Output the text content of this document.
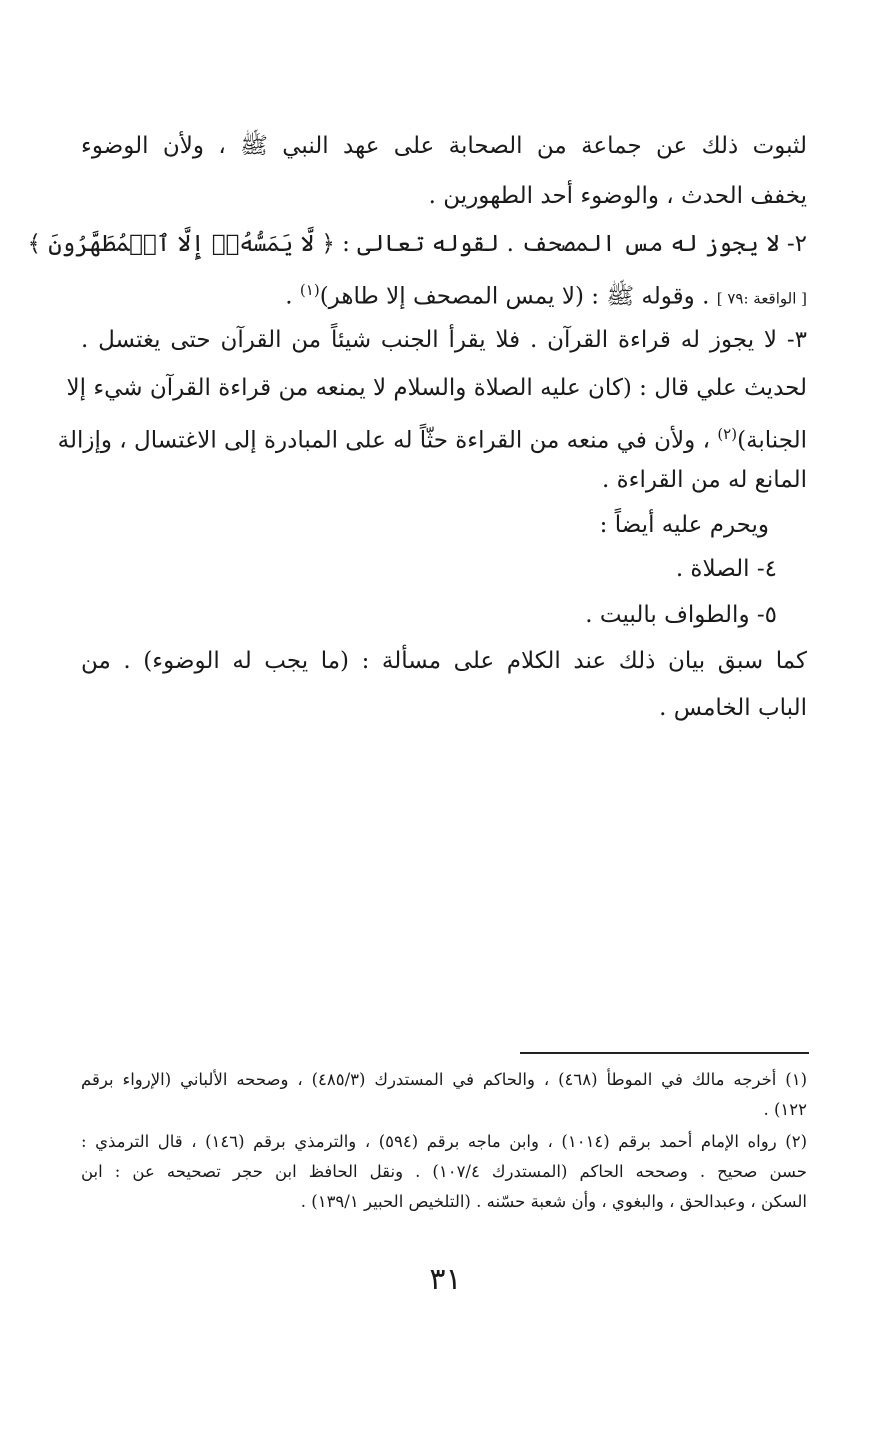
لثبوت ذلك عن جماعة من الصحابة على عهد النبي ﷺ ، ولأن الوضوء
يخفف الحدث ، والوضوء أحد الطهورين .
٢- لا يجوز له مس المصحف . لقوله تعالى : ﴿ لَّا يَمَسُّهُۥٓ إِلَّا ٱلۡمُطَهَّرُونَ ﴾
[ الواقعة :٧٩ ] . وقوله ﷺ : (لا يمس المصحف إلا طاهر)$^{(١)}$ .
٣- لا يجوز له قراءة القرآن . فلا يقرأ الجنب شيئاً من القرآن حتى يغتسل .
لحديث علي قال : (كان عليه الصلاة والسلام لا يمنعه من قراءة القرآن شيء إلا
الجنابة)$^{(٢)}$ ، ولأن في منعه من القراءة حثّاً له على المبادرة إلى الاغتسال ، وإزالة
المانع له من القراءة .
ويحرم عليه أيضاً :
٤- الصلاة .
٥- والطواف بالبيت .
كما سبق بيان ذلك عند الكلام على مسألة : (ما يجب له الوضوء) . من
الباب الخامس .
(١) أخرجه مالك في الموطأ (٤٦٨) ، والحاكم في المستدرك (٤٨٥/٣) ، وصححه الألباني (الإرواء برقم
١٢٢) .
(٢) رواه الإمام أحمد برقم (١٠١٤) ، وابن ماجه برقم (٥٩٤) ، والترمذي برقم (١٤٦) ، قال الترمذي :
حسن صحيح . وصححه الحاكم (المستدرك ١٠٧/٤) . ونقل الحافظ ابن حجر تصحيحه عن : ابن
السكن ، وعبدالحق ، والبغوي ، وأن شعبة حسّنه . (التلخيص الحبير ١٣٩/١) .
٣١
